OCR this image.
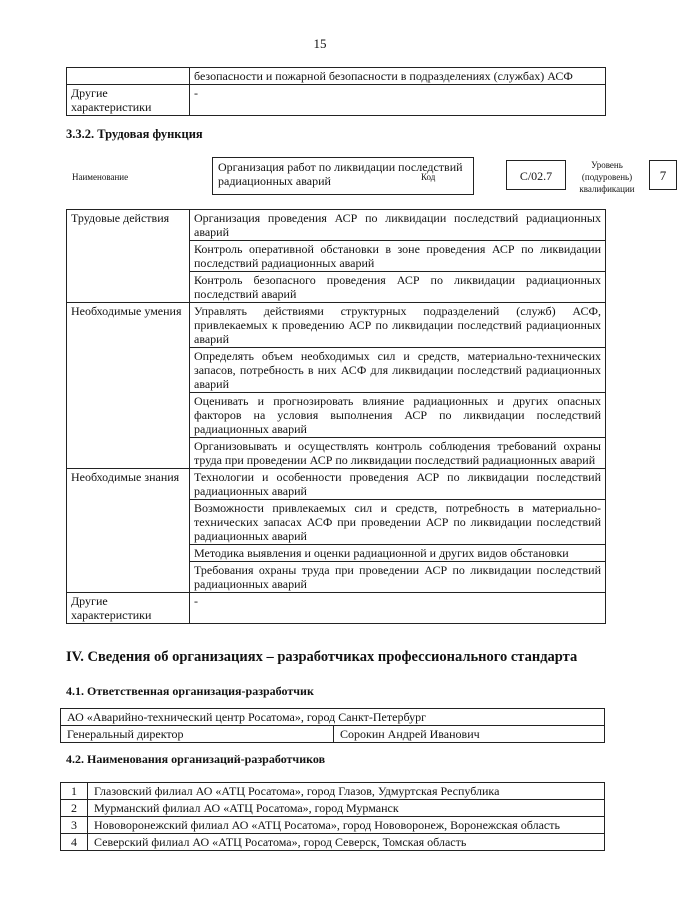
15
	безопасности и пожарной безопасности в подразделениях (службах) АСФ
Другие характеристики	-
3.3.2. Трудовая функция
Наименование
Организация работ по ликвидации последствий радиационных аварий	Код	С/02.7
Уровень (подуровень) квалификации
7
Трудовые действия	Организация проведения АСР по ликвидации последствий радиационных аварий
	Контроль оперативной обстановки в зоне проведения АСР по ликвидации последствий радиационных аварий
	Контроль безопасного проведения АСР по ликвидации радиационных последствий аварий
Необходимые умения	Управлять действиями структурных подразделений (служб) АСФ, привлекаемых к проведению АСР по ликвидации последствий радиационных аварий
	Определять объем необходимых сил и средств, материально-технических запасов, потребность в них АСФ для ликвидации последствий радиационных аварий
	Оценивать и прогнозировать влияние радиационных и других опасных факторов на условия выполнения АСР по ликвидации последствий радиационных аварий
	Организовывать и осуществлять контроль соблюдения требований охраны труда при проведении АСР по ликвидации последствий радиационных аварий
Необходимые знания	Технологии и особенности проведения АСР по ликвидации последствий радиационных аварий
	Возможности привлекаемых сил и средств, потребность в материально-технических запасах АСФ при проведении АСР по ликвидации последствий радиационных аварий
	Методика выявления и оценки радиационной и других видов обстановки
	Требования охраны труда при проведении АСР по ликвидации последствий радиационных аварий
Другие характеристики	-
IV. Сведения об организациях – разработчиках профессионального стандарта
4.1. Ответственная организация-разработчик
АО «Аварийно-технический центр Росатома», город Санкт-Петербург
Генеральный директор	Сорокин Андрей Иванович
4.2. Наименования организаций-разработчиков
1	Глазовский филиал АО «АТЦ Росатома», город Глазов, Удмуртская Республика
2	Мурманский филиал АО «АТЦ Росатома», город Мурманск
3	Нововоронежский филиал АО «АТЦ Росатома», город Нововоронеж, Воронежская область
4	Северский филиал АО «АТЦ Росатома», город Северск, Томская область
